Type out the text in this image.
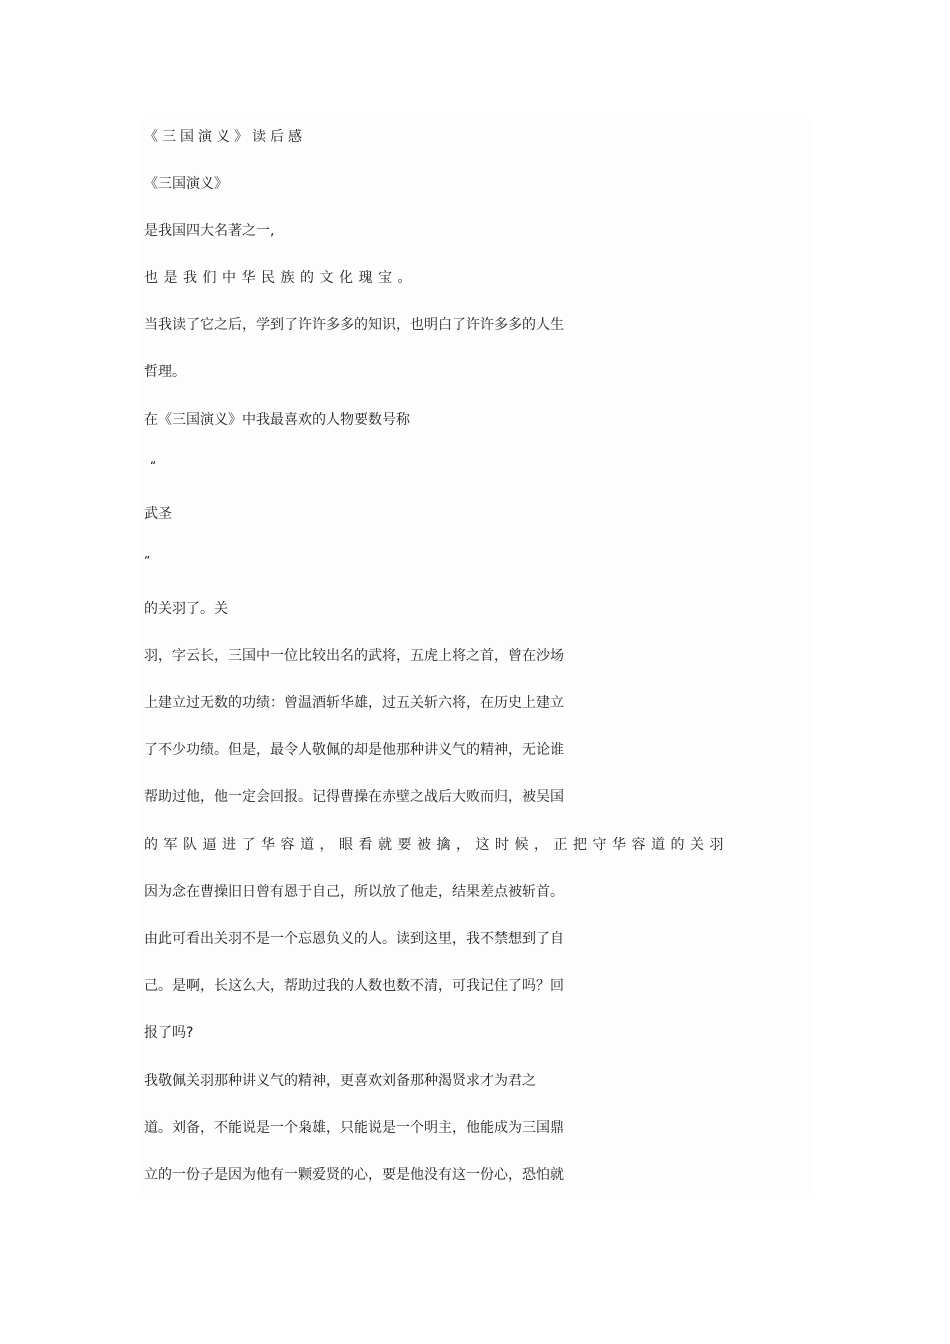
《三国演义》读后感

《三国演义》

是我国四大名著之一,

也是我们中华民族的文化瑰宝。

当我读了它之后，学到了许许多多的知识，也明白了许许多多的人生

哲理。

在《三国演义》中我最喜欢的人物要数号称

“

武圣

”

的关羽了。关

羽，字云长，三国中一位比较出名的武将，五虎上将之首，曾在沙场

上建立过无数的功绩：曾温酒斩华雄，过五关斩六将，在历史上建立

了不少功绩。但是，最令人敬佩的却是他那种讲义气的精神，无论谁

帮助过他，他一定会回报。记得曹操在赤壁之战后大败而归，被吴国

的军队逼进了华容道，眼看就要被擒，这时候，正把守华容道的关羽

因为念在曹操旧日曾有恩于自己，所以放了他走，结果差点被斩首。

由此可看出关羽不是一个忘恩负义的人。读到这里，我不禁想到了自

己。是啊，长这么大，帮助过我的人数也数不清，可我记住了吗？回

报了吗?

我敬佩关羽那种讲义气的精神，更喜欢刘备那种渴贤求才为君之

道。刘备，不能说是一个枭雄，只能说是一个明主，他能成为三国鼎

立的一份子是因为他有一颗爱贤的心，要是他没有这一份心，恐怕就
